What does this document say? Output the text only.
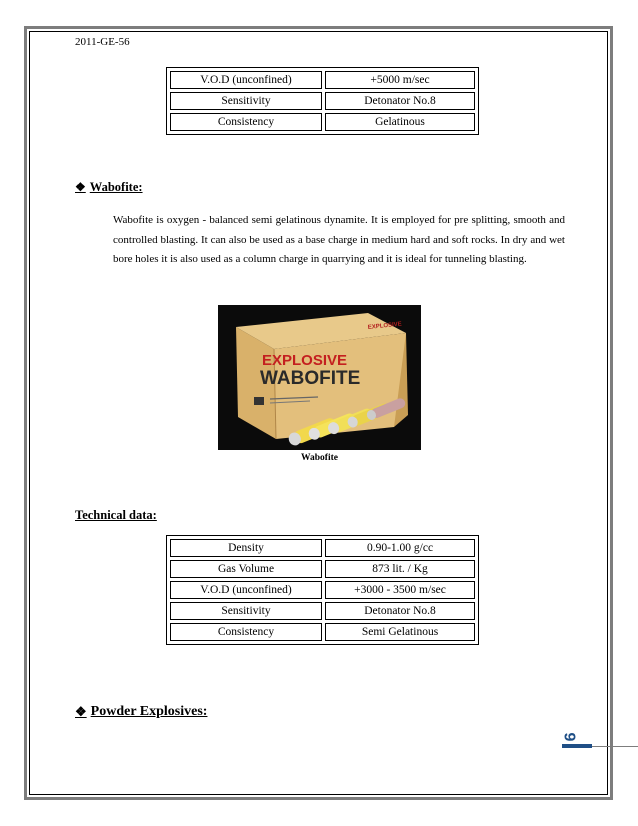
2011-GE-56
V.O.D (unconfined)	+5000 m/sec
Sensitivity	Detonator No.8
Consistency	Gelatinous
❖ Wabofite:
Wabofite is oxygen - balanced semi gelatinous dynamite. It is employed for pre splitting, smooth and controlled blasting. It can also be used as a base charge in medium hard and soft rocks. In dry and wet bore holes it is also used as a column charge in quarrying and it is ideal for tunneling blasting.
EXPLOSIVE
EXPLOSIVE
WABOFITE
Wabofite
Technical data:
Density	0.90-1.00 g/cc
Gas Volume	873 lit. / Kg
V.O.D (unconfined)	+3000 - 3500 m/sec
Sensitivity	Detonator No.8
Consistency	Semi Gelatinous
❖ Powder Explosives:
9
